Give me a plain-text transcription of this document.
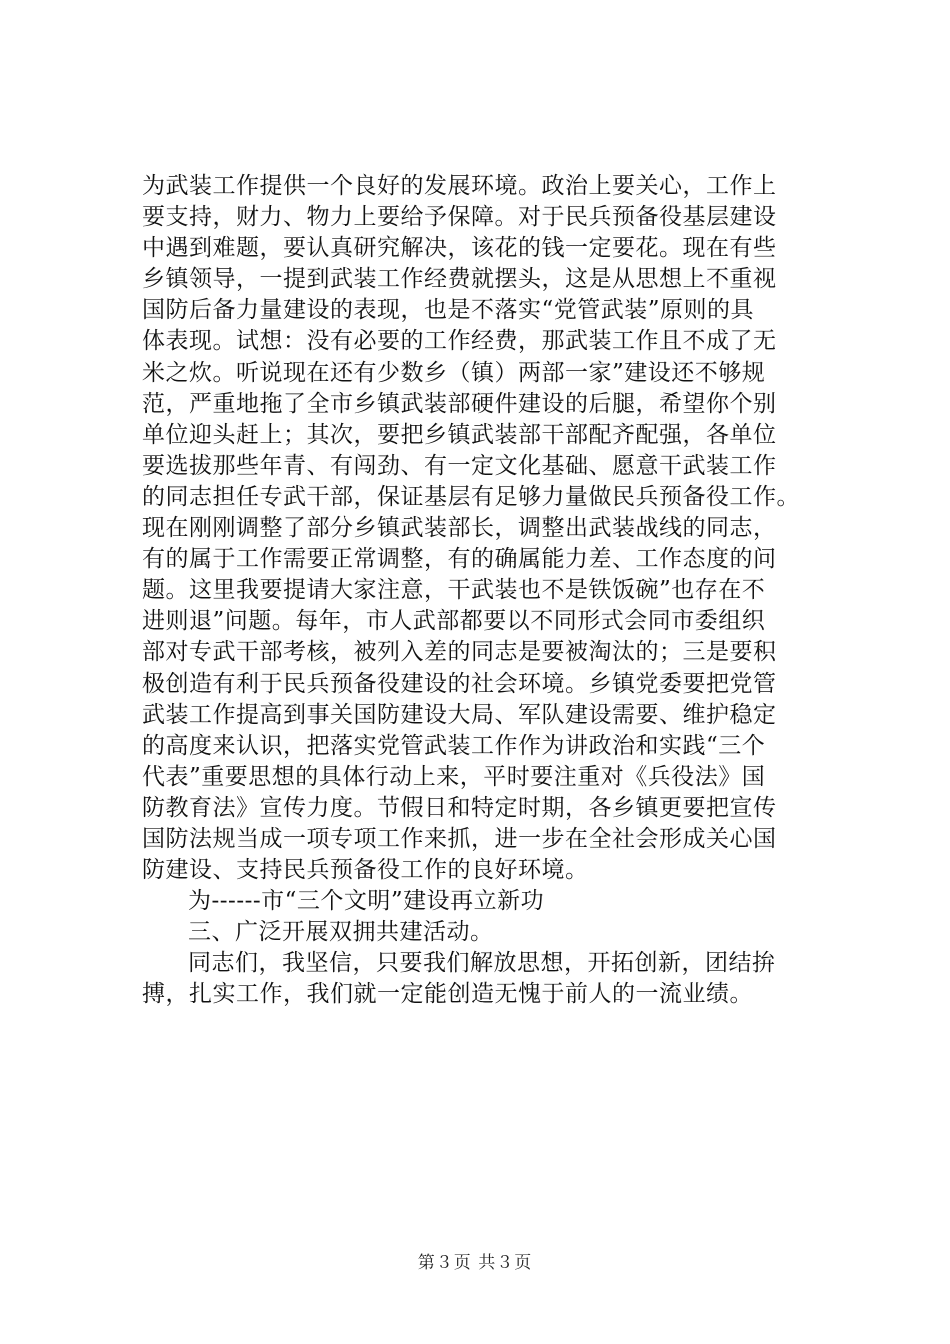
为武装工作提供一个良好的发展环境。政治上要关心，工作上

要支持，财力、物力上要给予保障。对于民兵预备役基层建设

中遇到难题，要认真研究解决，该花的钱一定要花。现在有些

乡镇领导，一提到武装工作经费就摆头，这是从思想上不重视

国防后备力量建设的表现，也是不落实“党管武装”原则的具

体表现。试想：没有必要的工作经费，那武装工作且不成了无

米之炊。听说现在还有少数乡（镇）两部一家”建设还不够规

范，严重地拖了全市乡镇武装部硬件建设的后腿，希望你个别

单位迎头赶上；其次，要把乡镇武装部干部配齐配强，各单位

要选拔那些年青、有闯劲、有一定文化基础、愿意干武装工作

的同志担任专武干部，保证基层有足够力量做民兵预备役工作。

现在刚刚调整了部分乡镇武装部长，调整出武装战线的同志，

有的属于工作需要正常调整，有的确属能力差、工作态度的问

题。这里我要提请大家注意，干武装也不是铁饭碗”也存在不

进则退”问题。每年，市人武部都要以不同形式会同市委组织

部对专武干部考核，被列入差的同志是要被淘汰的；三是要积

极创造有利于民兵预备役建设的社会环境。乡镇党委要把党管

武装工作提高到事关国防建设大局、军队建设需要、维护稳定

的高度来认识，把落实党管武装工作作为讲政治和实践“三个

代表”重要思想的具体行动上来，平时要注重对《兵役法》国

防教育法》宣传力度。节假日和特定时期，各乡镇更要把宣传

国防法规当成一项专项工作来抓，进一步在全社会形成关心国

防建设、支持民兵预备役工作的良好环境。

为------市“三个文明”建设再立新功

三、广泛开展双拥共建活动。

同志们，我坚信，只要我们解放思想，开拓创新，团结拚

搏，扎实工作，我们就一定能创造无愧于前人的一流业绩。

第３页 共３页
